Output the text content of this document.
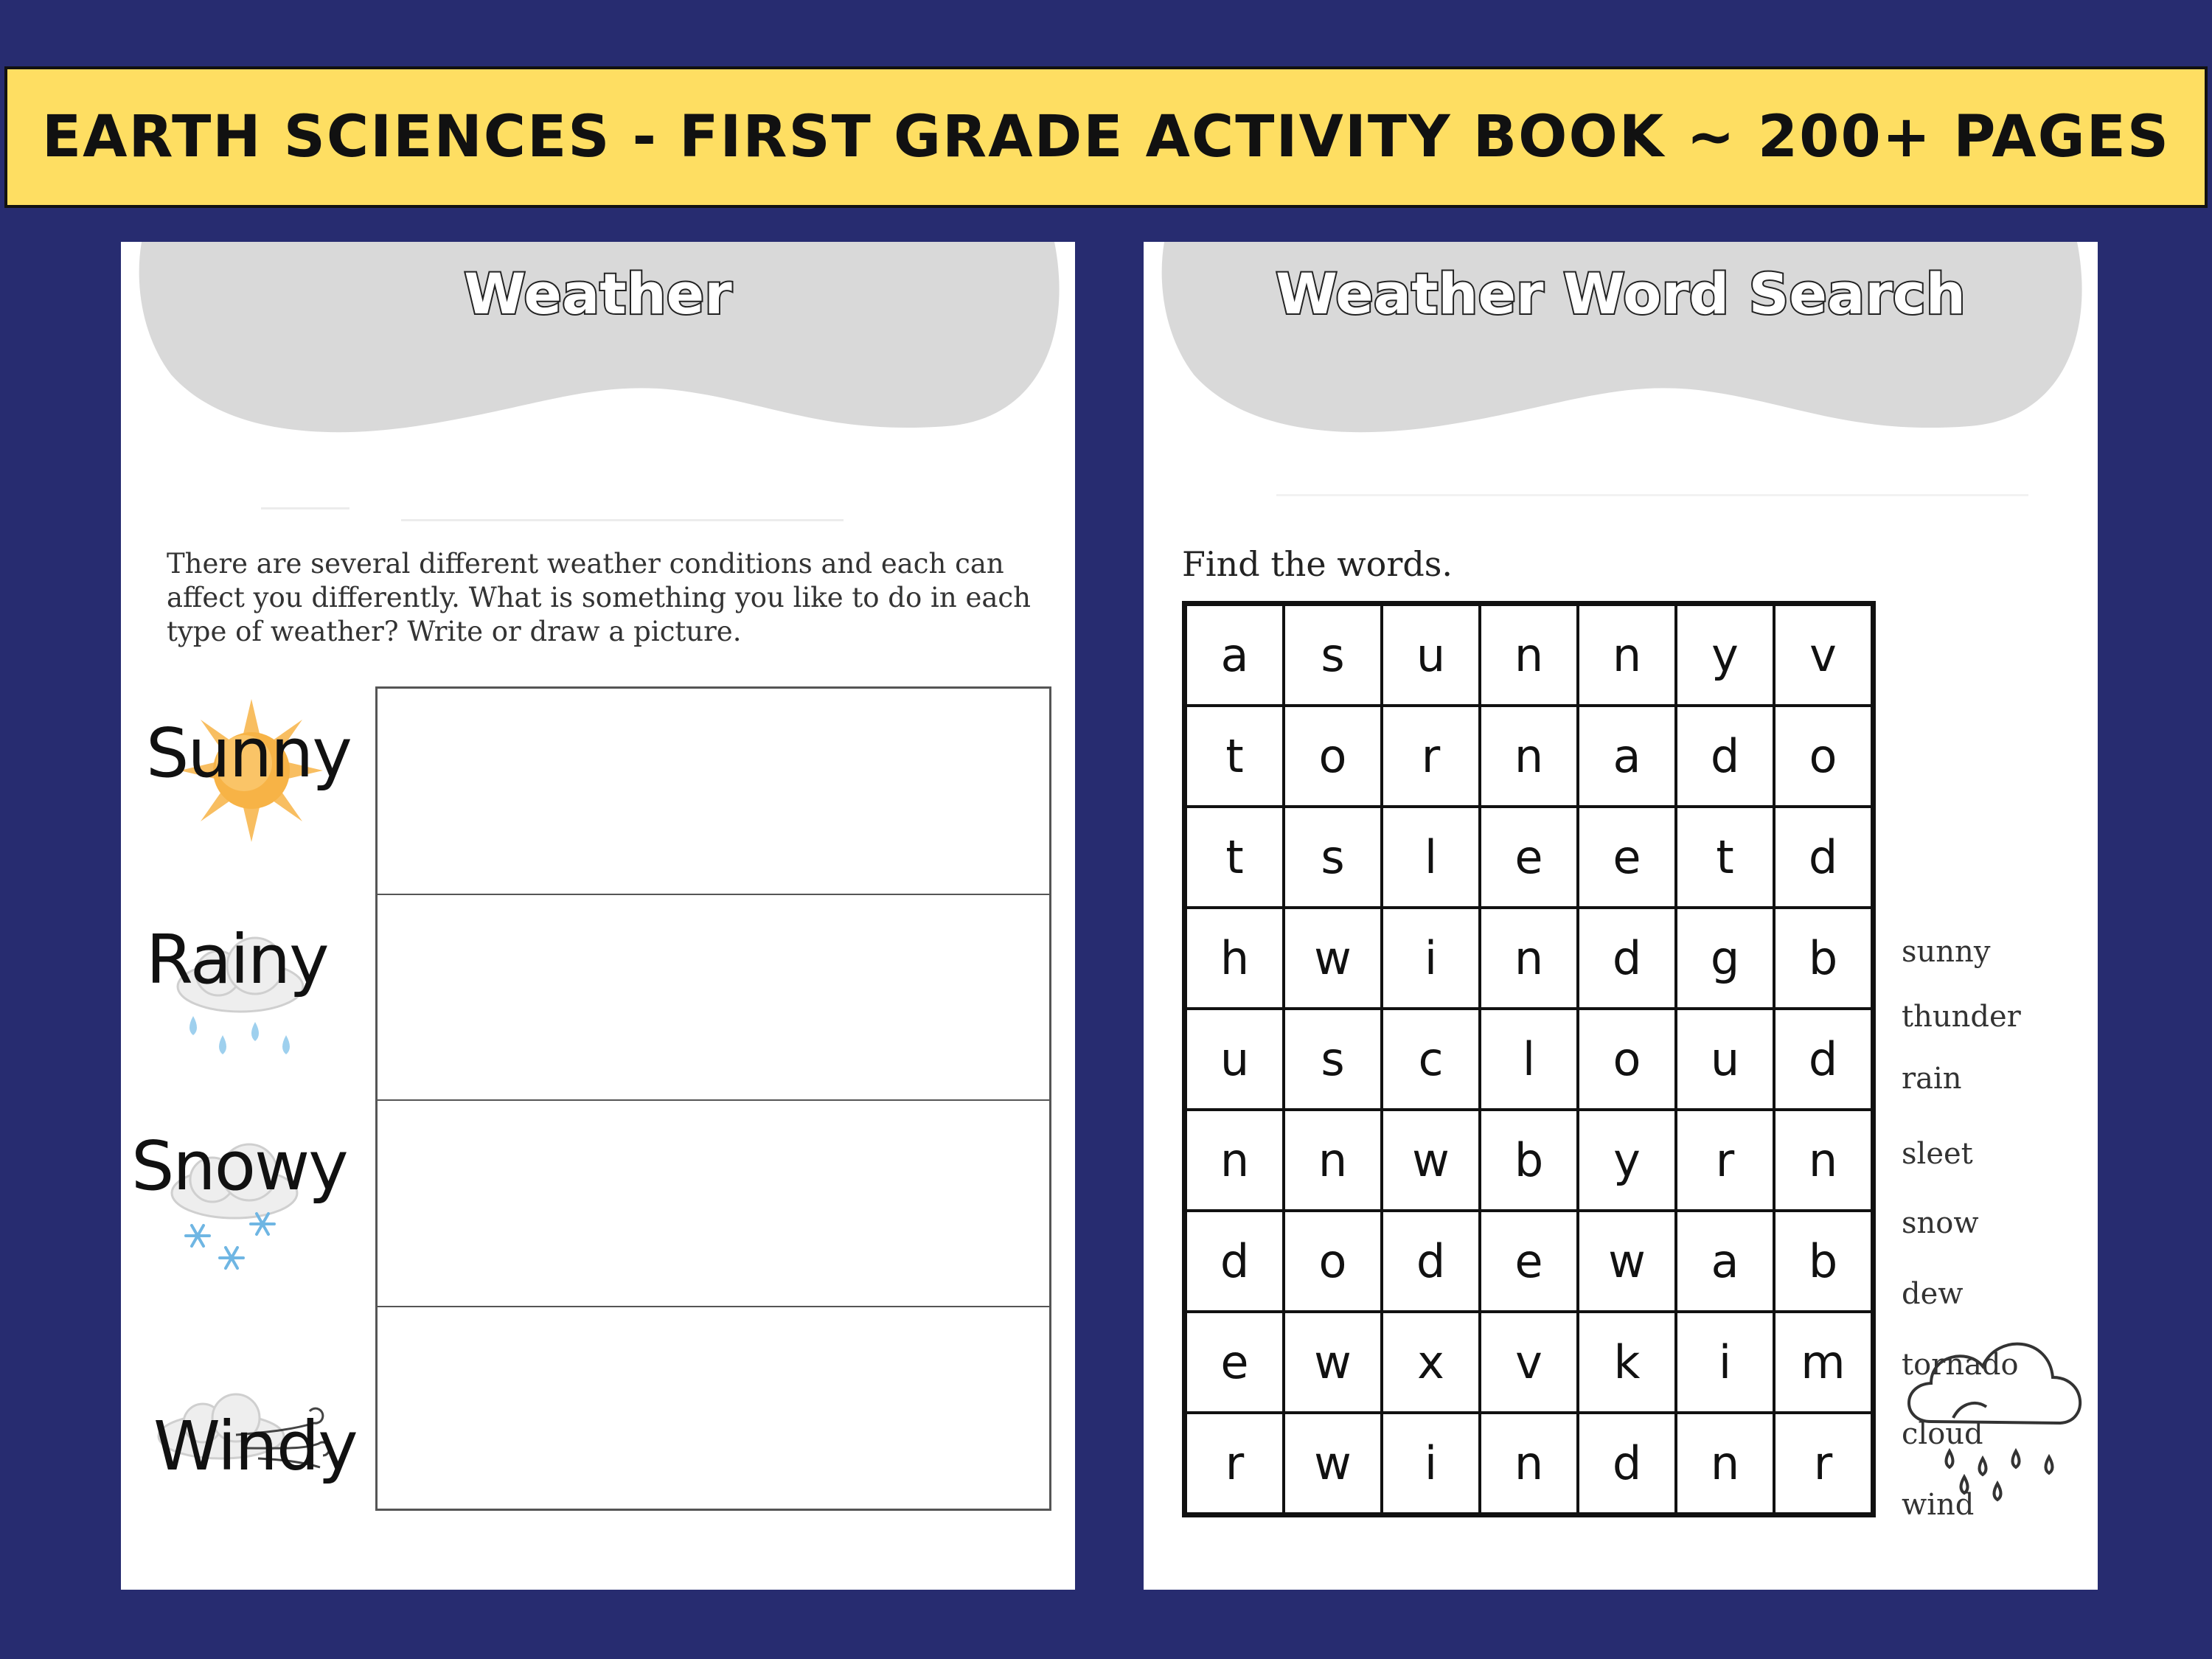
EARTH SCIENCES - FIRST GRADE ACTIVITY BOOK ~ 200+ PAGES
Weather
There are several different weather conditions and each can affect you differently. What is something you like to do in each type of weather? Write or draw a picture.
Sunny
Rainy
Snowy
Windy
Weather Word Search
Find the words.
a	s	u	n	n	y	v
t	o	r	n	a	d	o
t	s	l	e	e	t	d
h	w	i	n	d	g	b
u	s	c	l	o	u	d
n	n	w	b	y	r	n
d	o	d	e	w	a	b
e	w	x	v	k	i	m
r	w	i	n	d	n	r
sunny
thunder
rain
sleet
snow
dew
tornado
cloud
wind
